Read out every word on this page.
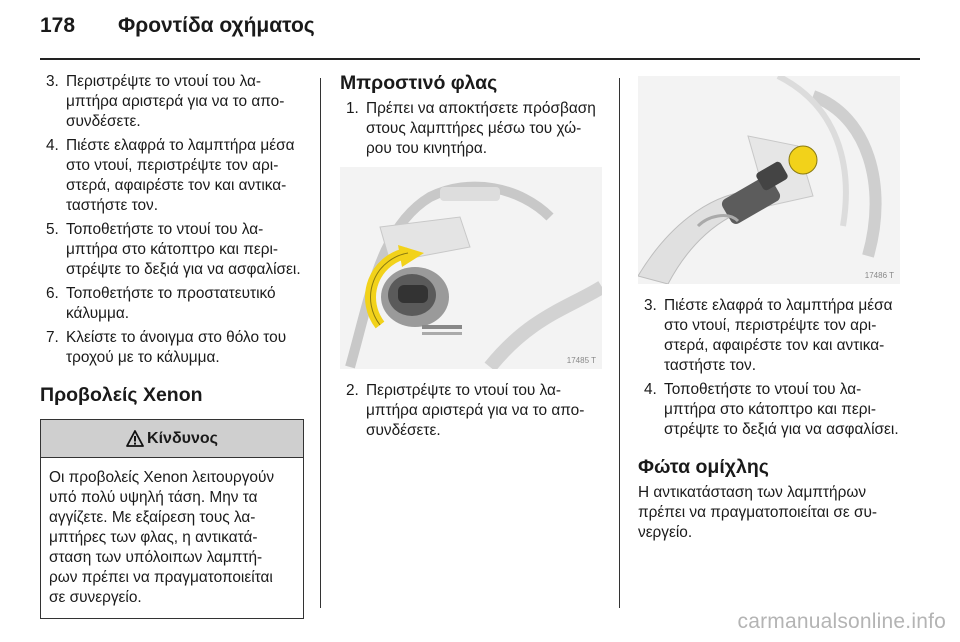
178 Φροντίδα οχήματος
3. Περιστρέψτε το ντουί του λα-
μπτήρα αριστερά για να το απο-
συνδέσετε.
4. Πιέστε ελαφρά το λαμπτήρα μέσα
στο ντουί, περιστρέψτε τον αρι-
στερά, αφαιρέστε τον και αντικα-
ταστήστε τον.
5. Τοποθετήστε το ντουί του λα-
μπτήρα στο κάτοπτρο και περι-
στρέψτε το δεξιά για να ασφαλίσει.
6. Τοποθετήστε το προστατευτικό
κάλυμμα.
7. Κλείστε το άνοιγμα στο θόλο του
τροχού με το κάλυμμα.
Προβολείς Xenon
Κίνδυνος
Οι προβολείς Xenon λειτουργούν
υπό πολύ υψηλή τάση. Μην τα
αγγίζετε. Με εξαίρεση τους λα-
μπτήρες των φλας, η αντικατά-
σταση των υπόλοιπων λαμπτή-
ρων πρέπει να πραγματοποιείται
σε συνεργείο.
Μπροστινό φλας
1. Πρέπει να αποκτήσετε πρόσβαση
στους λαμπτήρες μέσω του χώ-
ρου του κινητήρα.
17485 T
2. Περιστρέψτε το ντουί του λα-
μπτήρα αριστερά για να το απο-
συνδέσετε.
17486 T
3. Πιέστε ελαφρά το λαμπτήρα μέσα
στο ντουί, περιστρέψτε τον αρι-
στερά, αφαιρέστε τον και αντικα-
ταστήστε τον.
4. Τοποθετήστε το ντουί του λα-
μπτήρα στο κάτοπτρο και περι-
στρέψτε το δεξιά για να ασφαλίσει.
Φώτα ομίχλης

Η αντικατάσταση των λαμπτήρων
πρέπει να πραγματοποιείται σε συ-
νεργείο.

carmanualsonline.info
